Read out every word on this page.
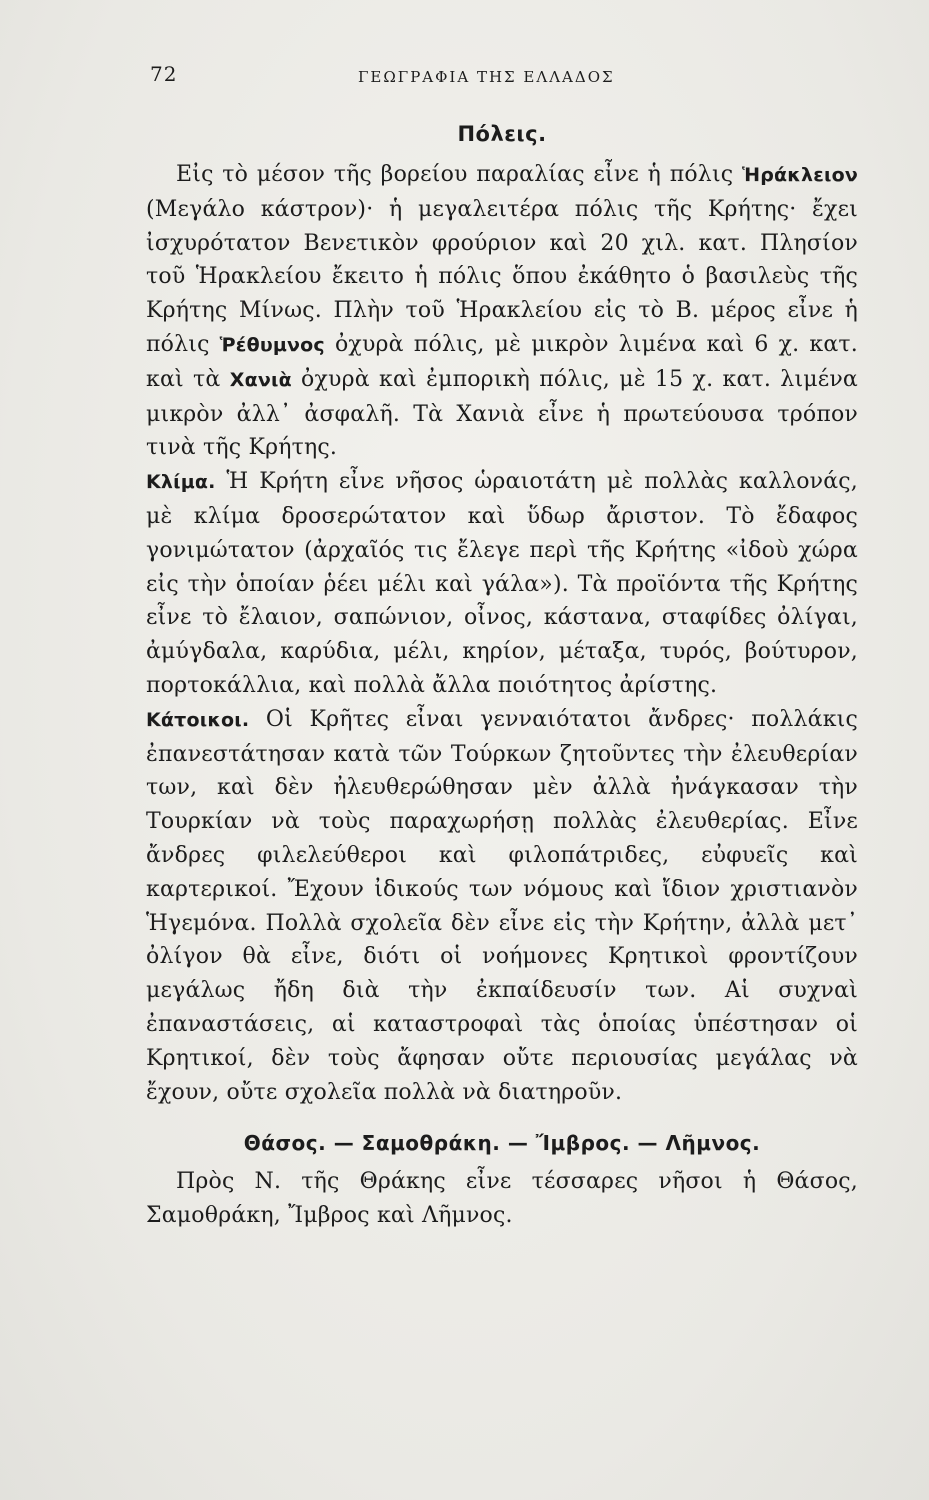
72	ΓΕΩΓΡΑΦΙΑ ΤΗΣ ΕΛΛΑΔΟΣ
Πόλεις.

Εἰς τὸ μέσον τῆς βορείου παραλίας εἶνε ἡ πόλις Ἡράκλειον (Μεγάλο κάστρον)· ἡ μεγαλειτέρα πόλις τῆς Κρήτης· ἔχει ἰσχυρότατον Βενετικὸν φρούριον καὶ 20 χιλ. κατ. Πλησίον τοῦ Ἡρακλείου ἔκειτο ἡ πόλις ὅπου ἐκάθητο ὁ βασιλεὺς τῆς Κρήτης Μίνως. Πλὴν τοῦ Ἡρακλείου εἰς τὸ Β. μέρος εἶνε ἡ πόλις Ῥέθυμνος ὀχυρὰ πόλις, μὲ μικρὸν λιμένα καὶ 6 χ. κατ. καὶ τὰ Χανιὰ ὀχυρὰ καὶ ἐμπορικὴ πόλις, μὲ 15 χ. κατ. λιμένα μικρὸν ἀλλ᾽ ἀσφαλῆ. Τὰ Χανιὰ εἶνε ἡ πρωτεύουσα τρόπον τινὰ τῆς Κρήτης.

Κλίμα. Ἡ Κρήτη εἶνε νῆσος ὡραιοτάτη μὲ πολλὰς καλλονάς, μὲ κλίμα δροσερώτατον καὶ ὕδωρ ἄριστον. Τὸ ἔδαφος γονιμώτατον (ἀρχαῖός τις ἔλεγε περὶ τῆς Κρήτης «ἰδοὺ χώρα εἰς τὴν ὁποίαν ῥέει μέλι καὶ γάλα»). Τὰ προϊόντα τῆς Κρήτης εἶνε τὸ ἔλαιον, σαπώνιον, οἶνος, κάστανα, σταφίδες ὀλίγαι, ἀμύγδαλα, καρύδια, μέλι, κηρίον, μέταξα, τυρός, βούτυρον, πορτοκάλλια, καὶ πολλὰ ἄλλα ποιότητος ἀρίστης.

Κάτοικοι. Οἱ Κρῆτες εἶναι γενναιότατοι ἄνδρες· πολλάκις ἐπανεστάτησαν κατὰ τῶν Τούρκων ζητοῦντες τὴν ἐλευθερίαν των, καὶ δὲν ἠλευθερώθησαν μὲν ἀλλὰ ἠνάγκασαν τὴν Τουρκίαν νὰ τοὺς παραχωρήσῃ πολλὰς ἐλευθερίας. Εἶνε ἄνδρες φιλελεύθεροι καὶ φιλοπάτριδες, εὐφυεῖς καὶ καρτερικοί. Ἔχουν ἰδικούς των νόμους καὶ ἴδιον χριστιανὸν Ἡγεμόνα. Πολλὰ σχολεῖα δὲν εἶνε εἰς τὴν Κρήτην, ἀλλὰ μετ᾽ ὀλίγον θὰ εἶνε, διότι οἱ νοήμονες Κρητικοὶ φροντίζουν μεγάλως ἤδη διὰ τὴν ἐκπαίδευσίν των. Αἱ συχναὶ ἐπαναστάσεις, αἱ καταστροφαὶ τὰς ὁποίας ὑπέστησαν οἱ Κρητικοί, δὲν τοὺς ἄφησαν οὔτε περιουσίας μεγάλας νὰ ἔχουν, οὔτε σχολεῖα πολλὰ νὰ διατηροῦν.

Θάσος. — Σαμοθράκη. — Ἴμβρος. — Λῆμνος.

Πρὸς Ν. τῆς Θράκης εἶνε τέσσαρες νῆσοι ἡ Θάσος, Σαμοθράκη, Ἴμβρος καὶ Λῆμνος.
